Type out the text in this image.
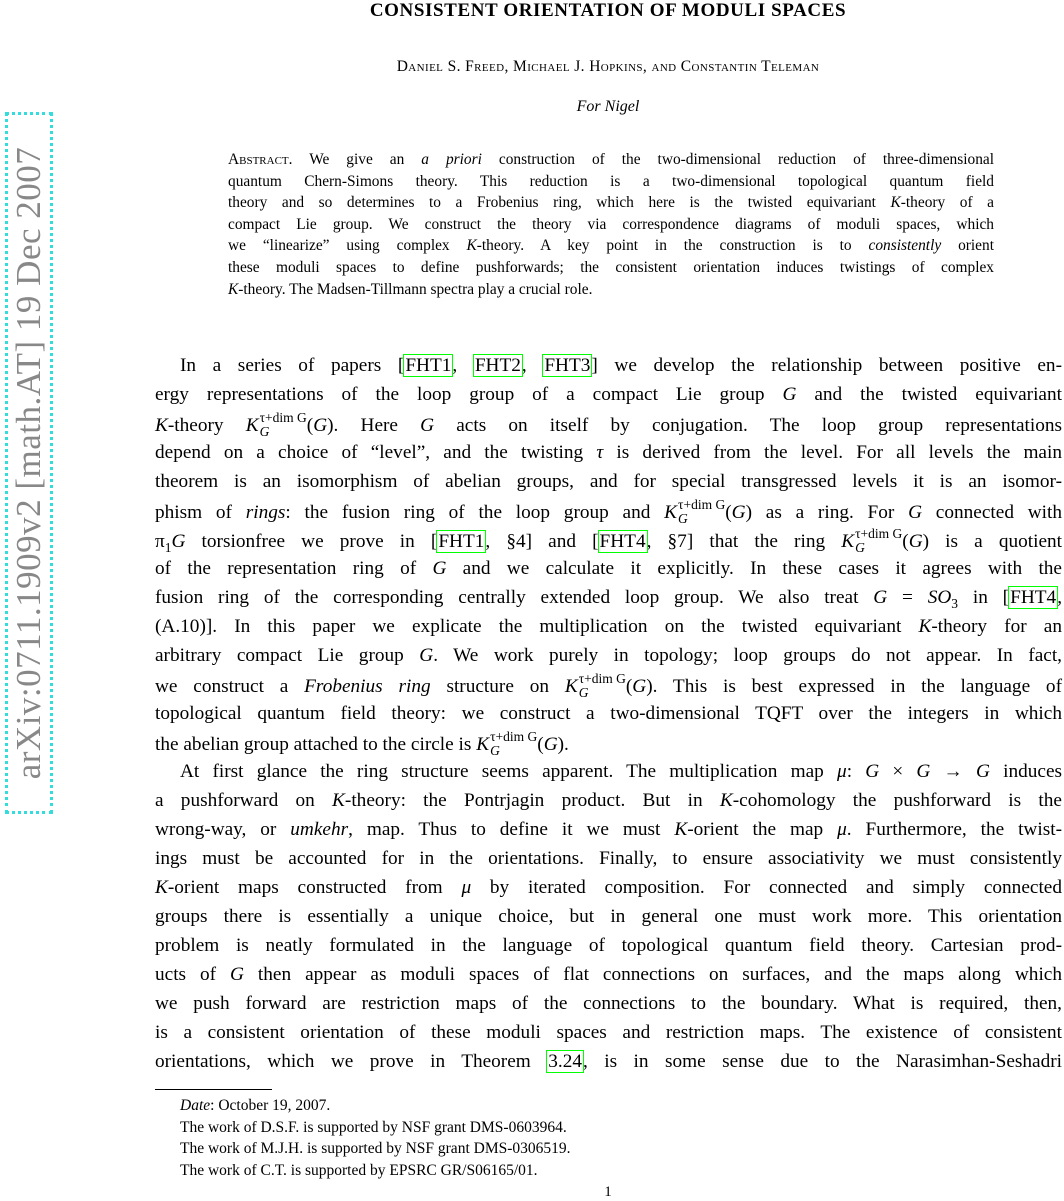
arXiv:0711.1909v2 [math.AT] 19 Dec 2007
CONSISTENT ORIENTATION OF MODULI SPACES
Daniel S. Freed, Michael J. Hopkins, and Constantin Teleman
For Nigel
Abstract. We give an a priori construction of the two-dimensional reduction of three-dimensional
quantum Chern-Simons theory. This reduction is a two-dimensional topological quantum field
theory and so determines to a Frobenius ring, which here is the twisted equivariant K-theory of a
compact Lie group. We construct the theory via correspondence diagrams of moduli spaces, which
we “linearize” using complex K-theory. A key point in the construction is to consistently orient
these moduli spaces to define pushforwards; the consistent orientation induces twistings of complex
K-theory. The Madsen-Tillmann spectra play a crucial role.
In a series of papers [FHT1, FHT2, FHT3] we develop the relationship between positive en-
ergy representations of the loop group of a compact Lie group G and the twisted equivariant
K-theory K τ+dim G
G	(G). Here G acts on itself by conjugation. The loop group representations
depend on a choice of “level”, and the twisting τ is derived from the level. For all levels the main
theorem is an isomorphism of abelian groups, and for special transgressed levels it is an isomor-
phism of rings: the fusion ring of the loop group and K τ+dim G
G	(G) as a ring. For G connected with
$\pi_1G$ torsionfree we prove in [FHT1, §4] and [FHT4, §7] that the ring K τ+dim G
G	(G) is a quotient
of the representation ring of G and we calculate it explicitly. In these cases it agrees with the
fusion ring of the corresponding centrally extended loop group. We also treat $G = SO_3$ in [FHT4,
(A.10)]. In this paper we explicate the multiplication on the twisted equivariant K-theory for an
arbitrary compact Lie group G. We work purely in topology; loop groups do not appear. In fact,
we construct a Frobenius ring structure on K τ+dim G
G	(G). This is best expressed in the language of
topological quantum field theory: we construct a two-dimensional TQFT over the integers in which
the abelian group attached to the circle is K τ+dim G
G	(G).
At first glance the ring structure seems apparent. The multiplication map μ: G × G → G induces
a pushforward on K-theory: the Pontrjagin product. But in K-cohomology the pushforward is the
wrong-way, or umkehr, map. Thus to define it we must K-orient the map μ. Furthermore, the twist-
ings must be accounted for in the orientations. Finally, to ensure associativity we must consistently
K-orient maps constructed from μ by iterated composition. For connected and simply connected
groups there is essentially a unique choice, but in general one must work more. This orientation
problem is neatly formulated in the language of topological quantum field theory. Cartesian prod-
ucts of G then appear as moduli spaces of flat connections on surfaces, and the maps along which
we push forward are restriction maps of the connections to the boundary. What is required, then,
is a consistent orientation of these moduli spaces and restriction maps. The existence of consistent
orientations, which we prove in Theorem 3.24, is in some sense due to the Narasimhan-Seshadri
Date: October 19, 2007.
The work of D.S.F. is supported by NSF grant DMS-0603964.
The work of M.J.H. is supported by NSF grant DMS-0306519.
The work of C.T. is supported by EPSRC GR/S06165/01.
1
